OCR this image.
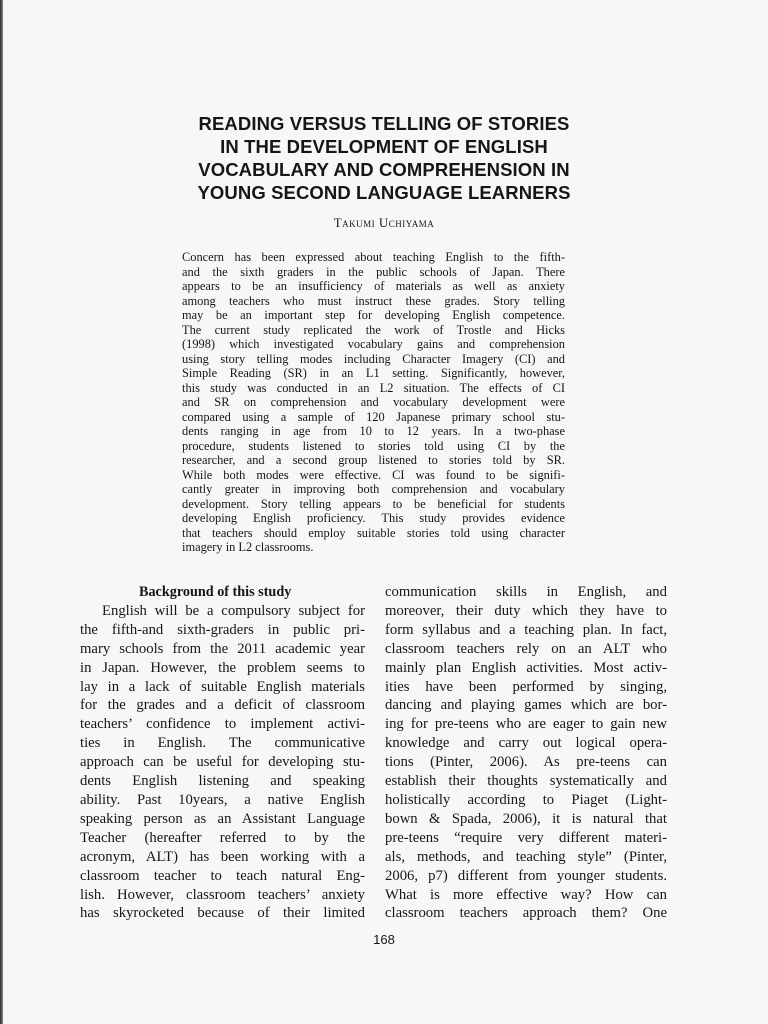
READING VERSUS TELLING OF STORIES
IN THE DEVELOPMENT OF ENGLISH
VOCABULARY AND COMPREHENSION IN
YOUNG SECOND LANGUAGE LEARNERS
Takumi Uchiyama
Concern has been expressed about teaching English to the fifth-
and the sixth graders in the public schools of Japan. There
appears to be an insufficiency of materials as well as anxiety
among teachers who must instruct these grades. Story telling
may be an important step for developing English competence.
The current study replicated the work of Trostle and Hicks
(1998) which investigated vocabulary gains and comprehension
using story telling modes including Character Imagery (CI) and
Simple Reading (SR) in an L1 setting. Significantly, however,
this study was conducted in an L2 situation. The effects of CI
and SR on comprehension and vocabulary development were
compared using a sample of 120 Japanese primary school stu-
dents ranging in age from 10 to 12 years. In a two-phase
procedure, students listened to stories told using CI by the
researcher, and a second group listened to stories told by SR.
While both modes were effective. CI was found to be signifi-
cantly greater in improving both comprehension and vocabulary
development. Story telling appears to be beneficial for students
developing English proficiency. This study provides evidence
that teachers should employ suitable stories told using character
imagery in L2 classrooms.
Background of this study
English will be a compulsory subject for
the fifth-and sixth-graders in public pri-
mary schools from the 2011 academic year
in Japan. However, the problem seems to
lay in a lack of suitable English materials
for the grades and a deficit of classroom
teachers’ confidence to implement activi-
ties in English. The communicative
approach can be useful for developing stu-
dents English listening and speaking
ability. Past 10years, a native English
speaking person as an Assistant Language
Teacher (hereafter referred to by the
acronym, ALT) has been working with a
classroom teacher to teach natural Eng-
lish. However, classroom teachers’ anxiety
has skyrocketed because of their limited
communication skills in English, and
moreover, their duty which they have to
form syllabus and a teaching plan. In fact,
classroom teachers rely on an ALT who
mainly plan English activities. Most activ-
ities have been performed by singing,
dancing and playing games which are bor-
ing for pre-teens who are eager to gain new
knowledge and carry out logical opera-
tions (Pinter, 2006). As pre-teens can
establish their thoughts systematically and
holistically according to Piaget (Light-
bown & Spada, 2006), it is natural that
pre-teens “require very different materi-
als, methods, and teaching style” (Pinter,
2006, p7) different from younger students.
What is more effective way? How can
classroom teachers approach them? One
168
